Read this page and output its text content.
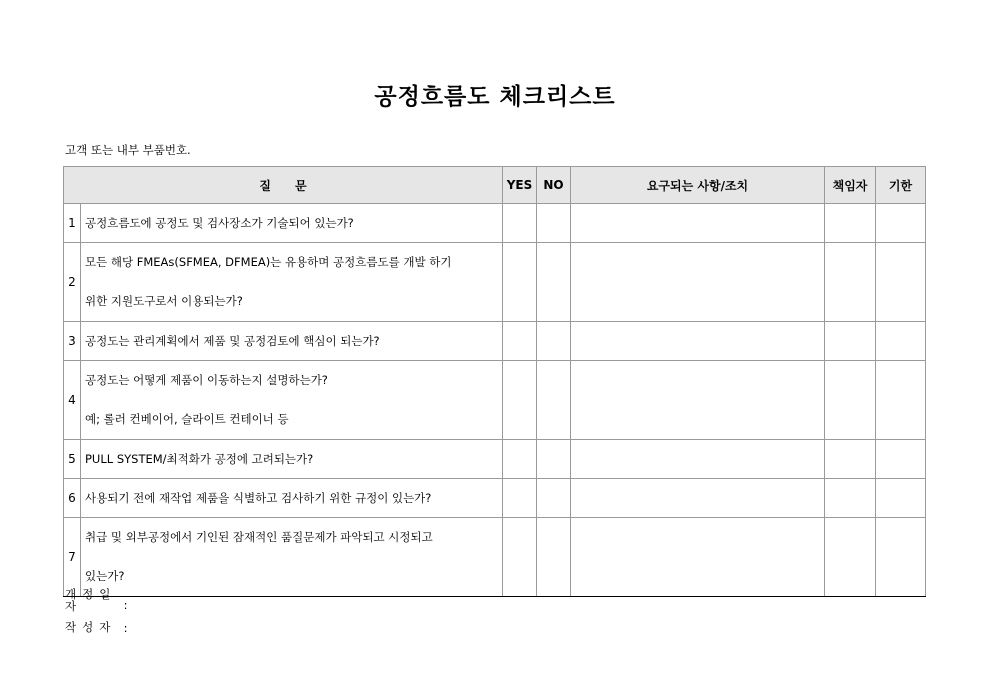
공정흐름도 체크리스트
고객 또는 내부 부품번호.
질　　문		YES	NO	요구되는 사항/조치	책임자	기한
1	공정흐름도에 공정도 및 검사장소가 기술되어 있는가?					
2	모든 해당 FMEAs(SFMEA, DFMEA)는 유용하며 공정흐름도를 개발 하기
위한 지원도구로서 이용되는가?					

3	공정도는 관리계획에서 제품 및 공정검토에 핵심이 되는가?					
4	공정도는 어떻게 제품이 이동하는지 설명하는가?
예; 롤러 컨베이어, 슬라이트 컨테이너 등					

5	PULL SYSTEM/최적화가 공정에 고려되는가?					
6	사용되기 전에 재작업 제품을 식별하고 검사하기 위한 규정이 있는가?					
7	취급 및 외부공정에서 기인된 잠재적인 품질문제가 파악되고 시정되고
있는가?					

개정일자	:
작성자 :
